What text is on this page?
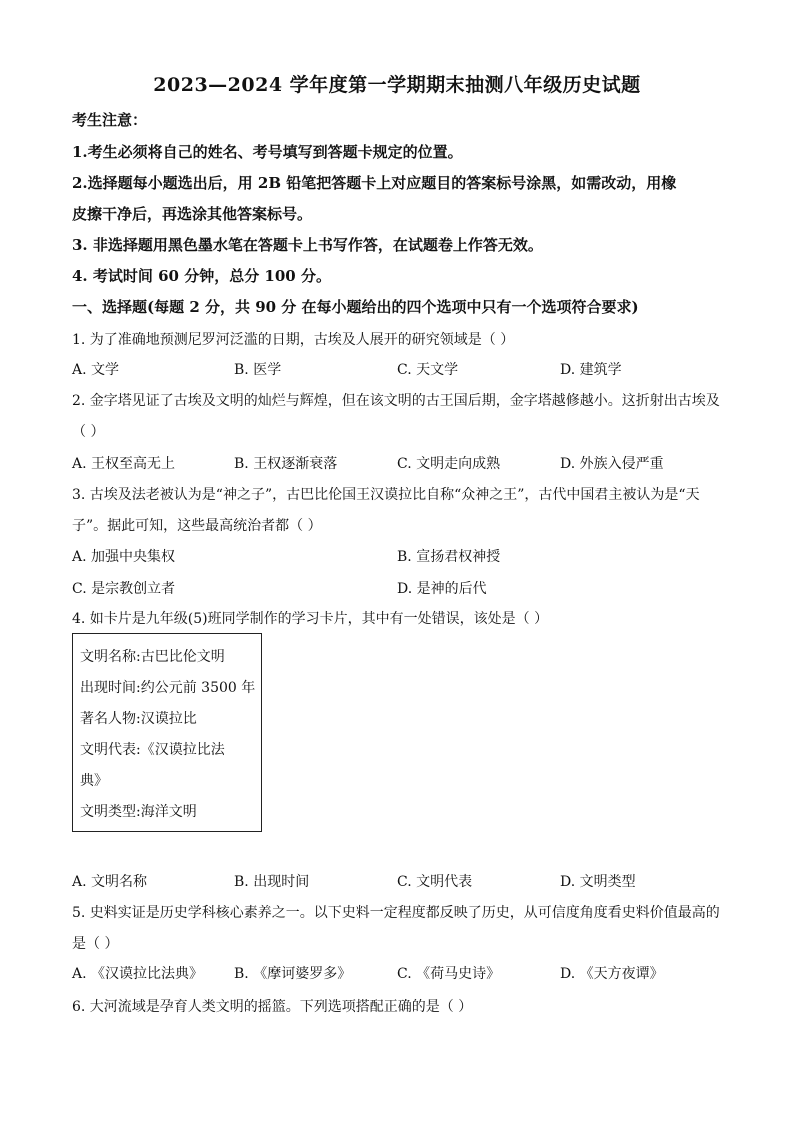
2023—2024 学年度第一学期期末抽测八年级历史试题
考生注意：
1.考生必须将自己的姓名、考号填写到答题卡规定的位置。
2.选择题每小题选出后，用 2B 铅笔把答题卡上对应题目的答案标号涂黑，如需改动，用橡
皮擦干净后，再选涂其他答案标号。
3. 非选择题用黑色墨水笔在答题卡上书写作答，在试题卷上作答无效。
4. 考试时间 60 分钟，总分 100 分。
一、选择题(每题 2 分，共 90 分 在每小题给出的四个选项中只有一个选项符合要求)
1. 为了准确地预测尼罗河泛滥的日期，古埃及人展开的研究领域是（ ）
A. 文学	B. 医学	C. 天文学	D. 建筑学
2. 金字塔见证了古埃及文明的灿烂与辉煌，但在该文明的古王国后期，金字塔越修越小。这折射出古埃及
（ ）
A. 王权至高无上	B. 王权逐渐衰落	C. 文明走向成熟	D. 外族入侵严重
3. 古埃及法老被认为是“神之子”，古巴比伦国王汉谟拉比自称“众神之王”，古代中国君主被认为是“天
子”。据此可知，这些最高统治者都（ ）
A. 加强中央集权	B. 宣扬君权神授
C. 是宗教创立者	D. 是神的后代
4. 如卡片是九年级(5)班同学制作的学习卡片，其中有一处错误，该处是（ ）
文明名称:古巴比伦文明
出现时间:约公元前 3500 年
著名人物:汉谟拉比
文明代表:《汉谟拉比法
典》
文明类型:海洋文明
A. 文明名称	B. 出现时间	C. 文明代表	D. 文明类型
5. 史料实证是历史学科核心素养之一。以下史料一定程度都反映了历史，从可信度角度看史料价值最高的
是（ ）
A. 《汉谟拉比法典》 B. 《摩诃婆罗多》	C. 《荷马史诗》	D. 《天方夜谭》
6. 大河流域是孕育人类文明的摇篮。下列选项搭配正确的是（ ）
